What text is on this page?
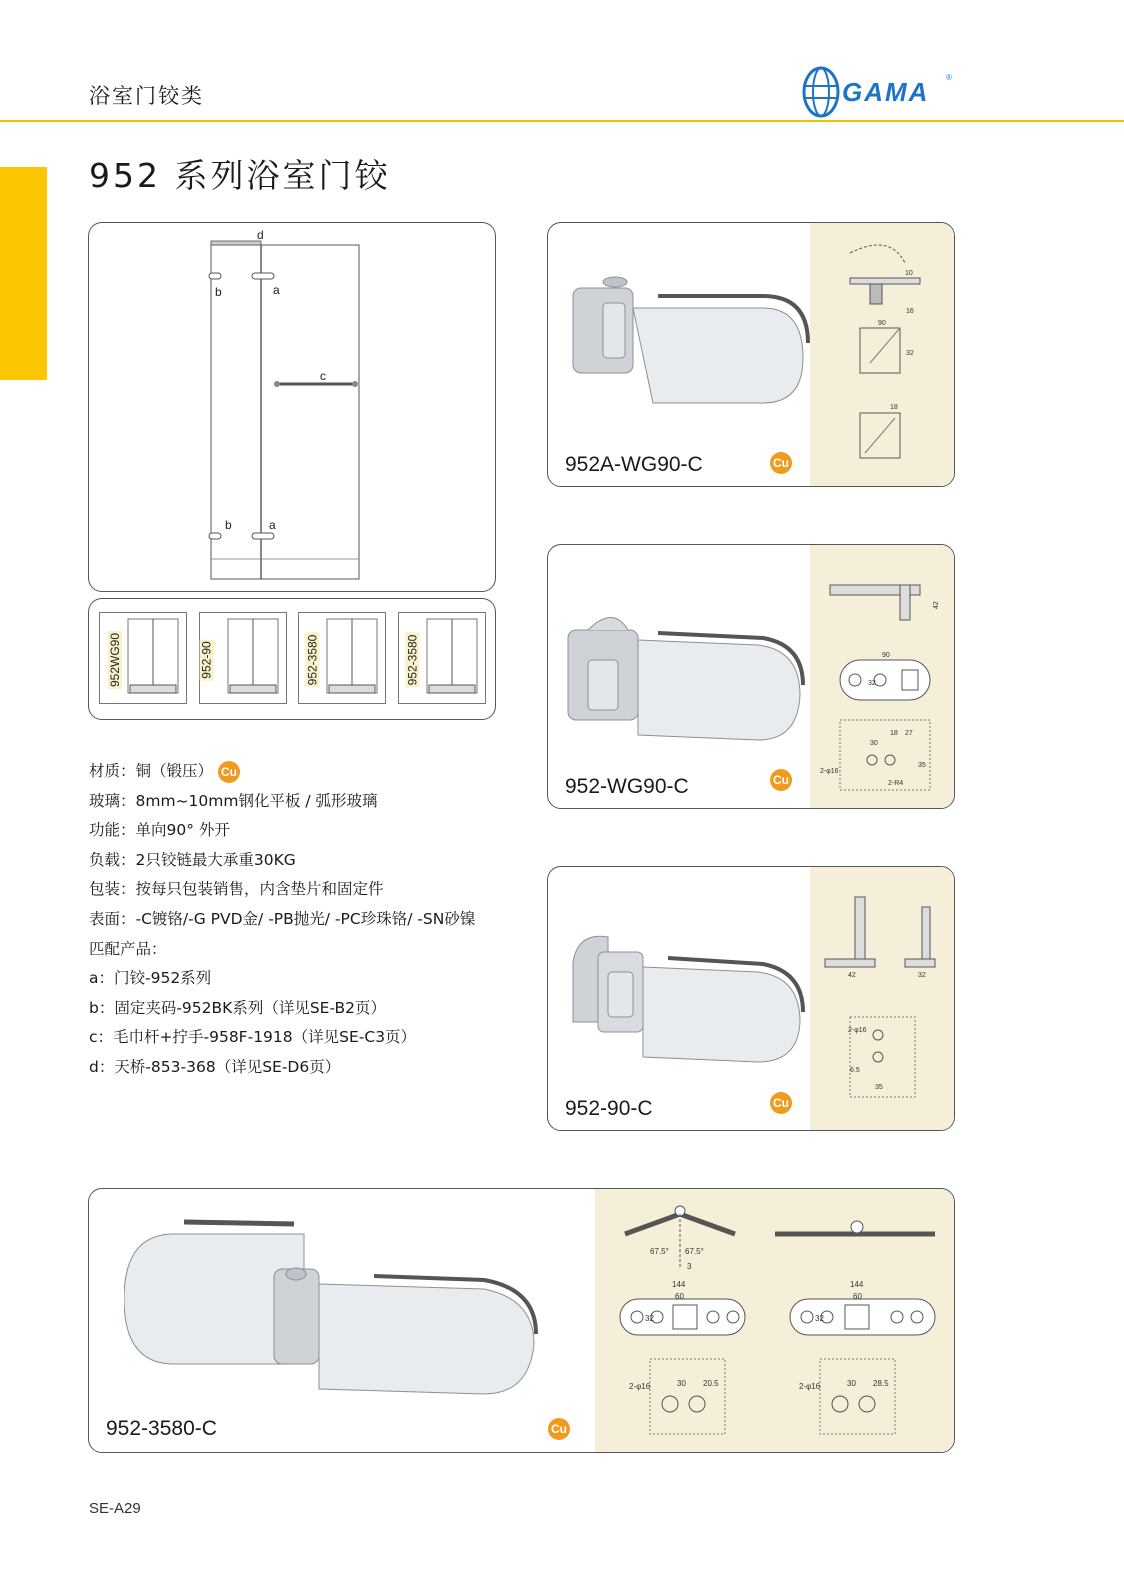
浴室门铰类	GAMA ®
952 系列浴室门铰
d
b	a
c
b	a
952WG90	952-90	952-3580	952-3580
材质：铜（锻压） Cu
玻璃：8mm~10mm钢化平板 / 弧形玻璃
功能：单向90° 外开
负载：2只铰链最大承重30KG
包装：按每只包装销售，内含垫片和固定件
表面：-C镀铬/-G PVD金/ -PB抛光/ -PC珍珠铬/ -SN砂镍
匹配产品：
a：门铰-952系列
b：固定夹码-952BK系列（详见SE-B2页）
c：毛巾杆+拧手-958F-1918（详见SE-C3页）
d：天桥-853-368（详见SE-D6页）
10
16
90
32
18
952A-WG90-C	Cu
42
90
32
30
18 27
35
2-φ16
2-R4
952-WG90-C	Cu
42	32
2-φ16
35
6.5
952-90-C	Cu
67.5° 67.5°
3
144
60
32
2-φ16	30 20.5
144
60
32
2-φ16	30 28.5
952-3580-C	Cu
SE-A29
